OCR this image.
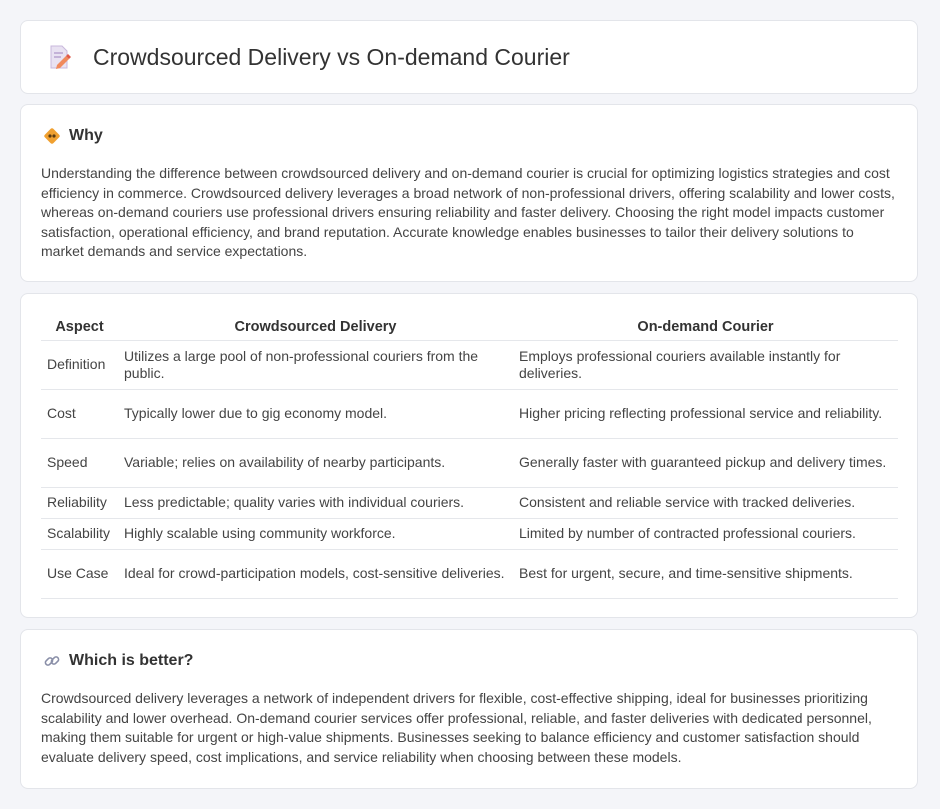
Crowdsourced Delivery vs On-demand Courier
Why
Understanding the difference between crowdsourced delivery and on-demand courier is crucial for optimizing logistics strategies and cost efficiency in commerce. Crowdsourced delivery leverages a broad network of non-professional drivers, offering scalability and lower costs, whereas on-demand couriers use professional drivers ensuring reliability and faster delivery. Choosing the right model impacts customer satisfaction, operational efficiency, and brand reputation. Accurate knowledge enables businesses to tailor their delivery solutions to market demands and service expectations.
Aspect	Crowdsourced Delivery	On-demand Courier
Definition	Utilizes a large pool of non-professional couriers from the public.	Employs professional couriers available instantly for deliveries.
Cost	Typically lower due to gig economy model.	Higher pricing reflecting professional service and reliability.
Speed	Variable; relies on availability of nearby participants.	Generally faster with guaranteed pickup and delivery times.
Reliability	Less predictable; quality varies with individual couriers.	Consistent and reliable service with tracked deliveries.
Scalability	Highly scalable using community workforce.	Limited by number of contracted professional couriers.
Use Case	Ideal for crowd-participation models, cost-sensitive deliveries.	Best for urgent, secure, and time-sensitive shipments.
Which is better?
Crowdsourced delivery leverages a network of independent drivers for flexible, cost-effective shipping, ideal for businesses prioritizing scalability and lower overhead. On-demand courier services offer professional, reliable, and faster deliveries with dedicated personnel, making them suitable for urgent or high-value shipments. Businesses seeking to balance efficiency and customer satisfaction should evaluate delivery speed, cost implications, and service reliability when choosing between these models.
